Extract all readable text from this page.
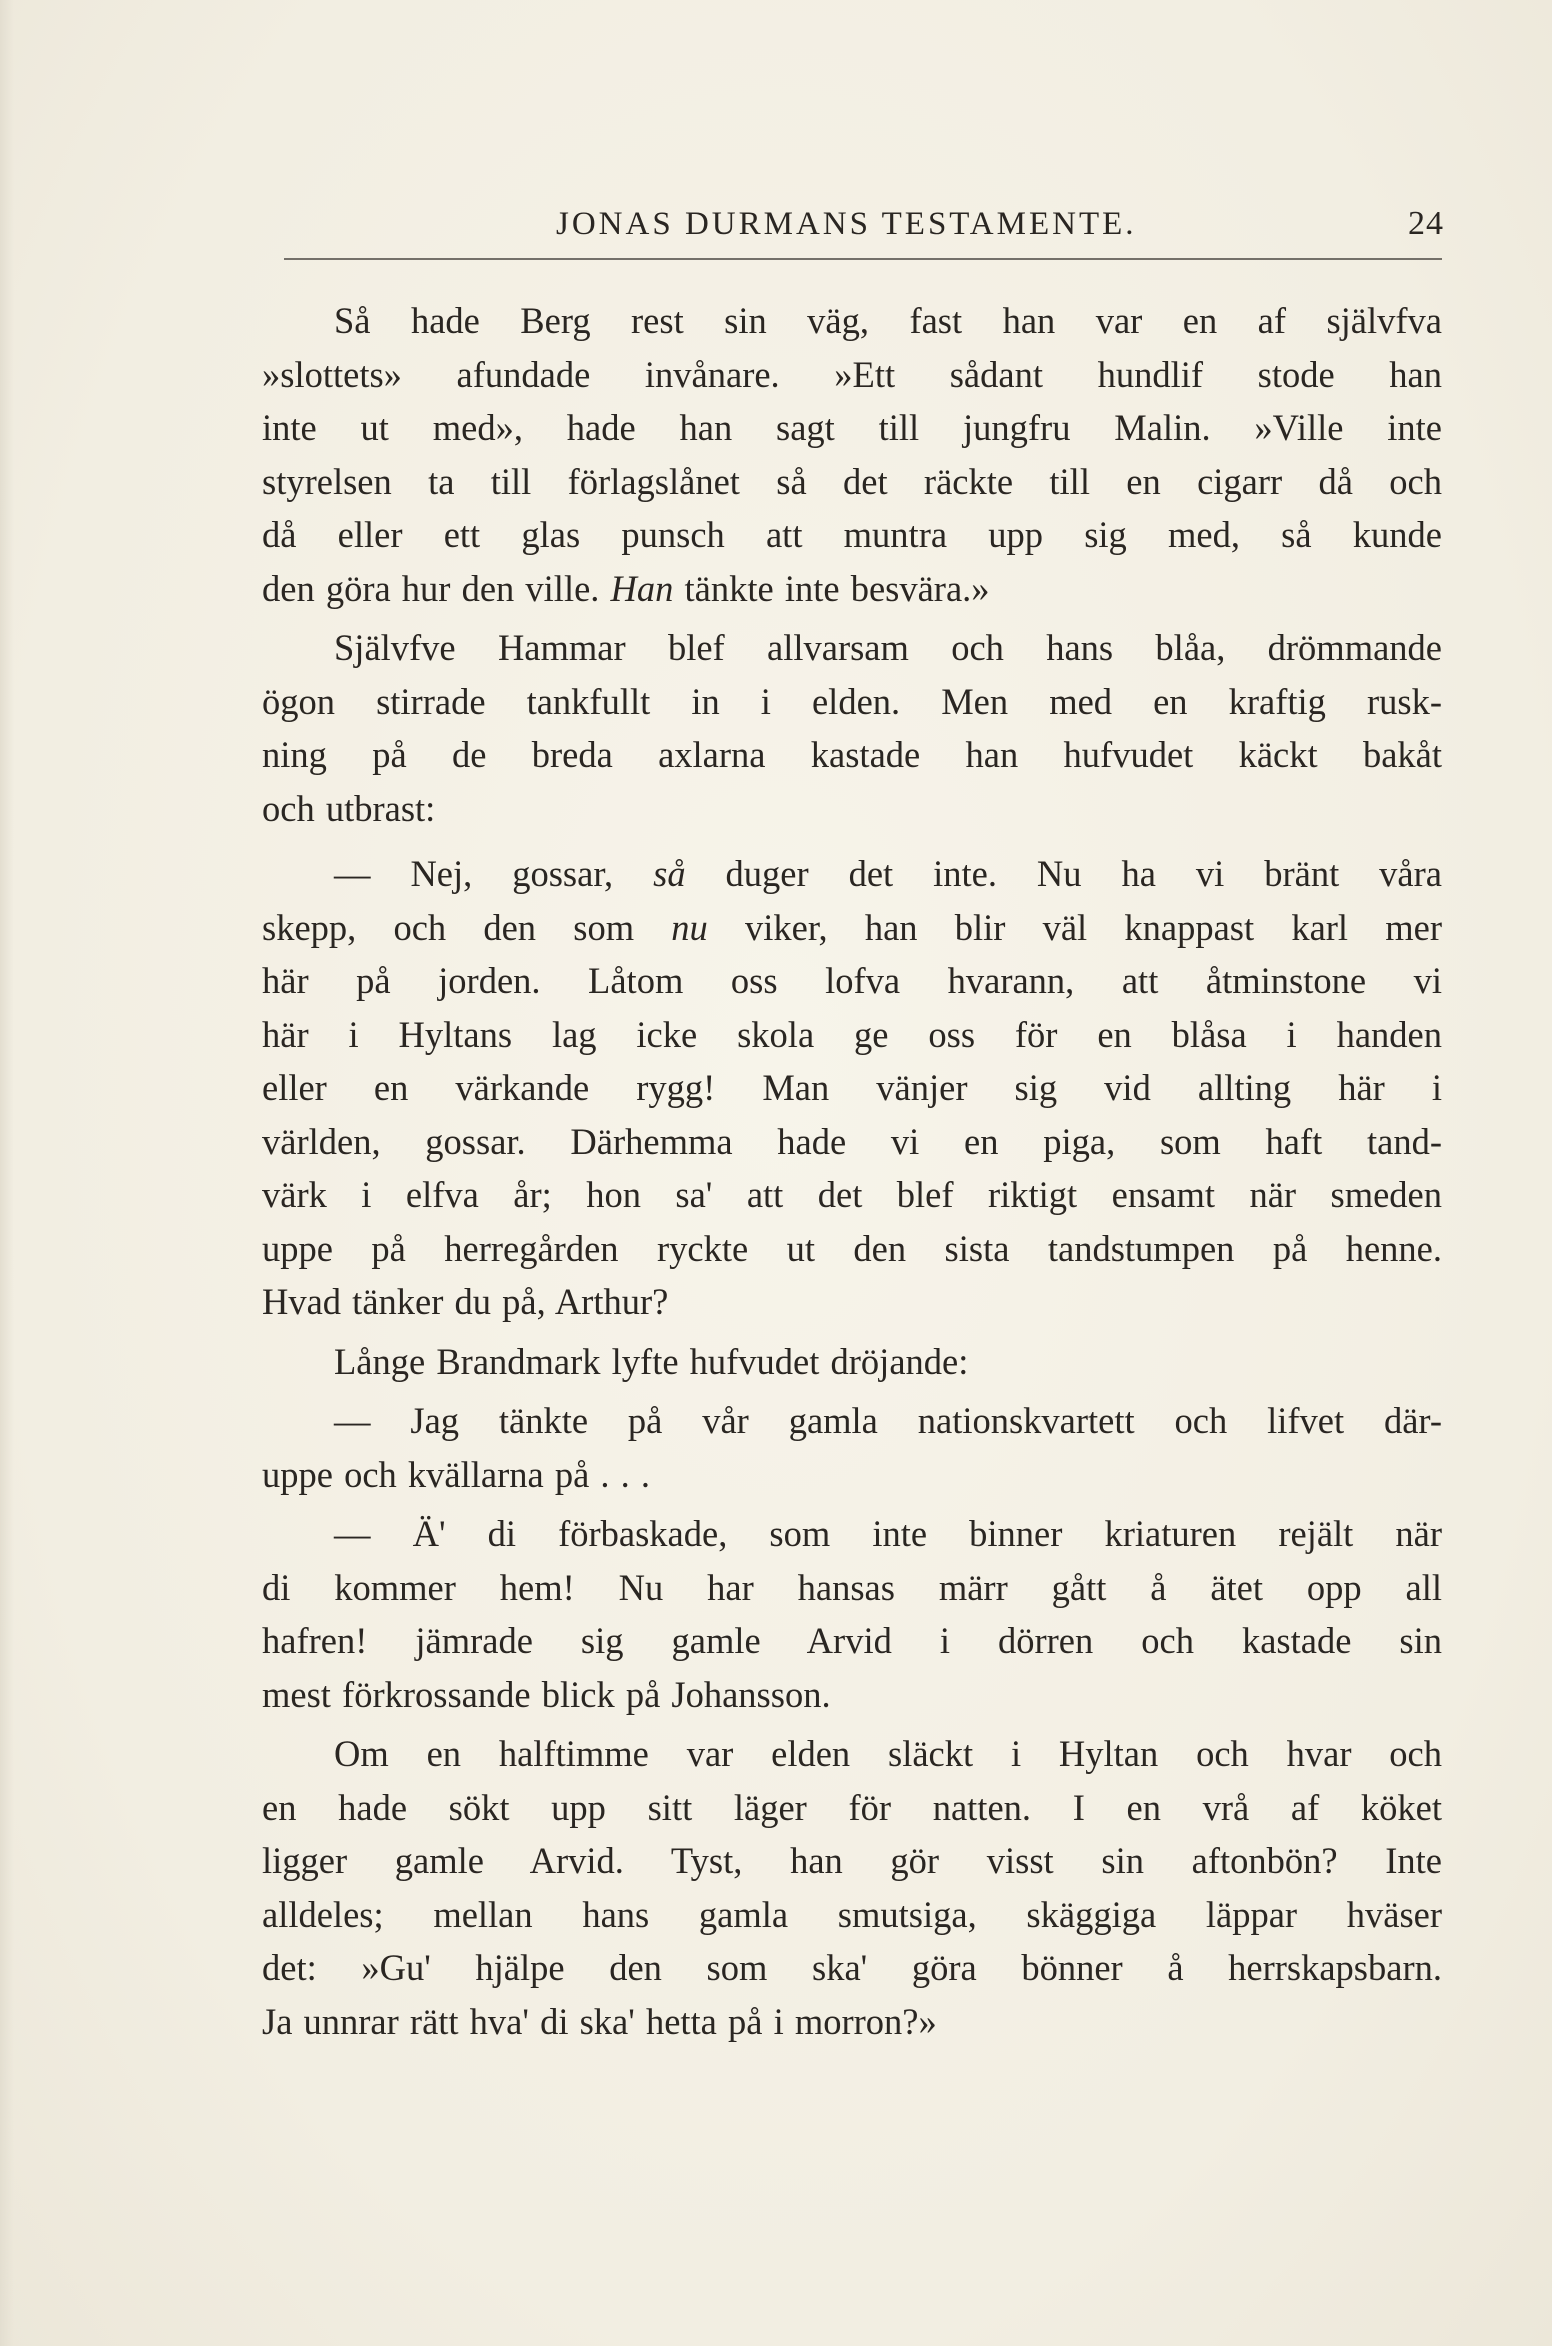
JONAS DURMANS TESTAMENTE.	24

Så hade Berg rest sin väg, fast han var en af självfva
»slottets» afundade invånare. »Ett sådant hundlif stode han
inte ut med», hade han sagt till jungfru Malin. »Ville inte
styrelsen ta till förlagslånet så det räckte till en cigarr då och
då eller ett glas punsch att muntra upp sig med, så kunde
den göra hur den ville. Han tänkte inte besvära.»

Självfve Hammar blef allvarsam och hans blåa, drömmande
ögon stirrade tankfullt in i elden. Men med en kraftig rusk-
ning på de breda axlarna kastade han hufvudet käckt bakåt
och utbrast:

— Nej, gossar, så duger det inte. Nu ha vi bränt våra
skepp, och den som nu viker, han blir väl knappast karl mer
här på jorden. Låtom oss lofva hvarann, att åtminstone vi
här i Hyltans lag icke skola ge oss för en blåsa i handen
eller en värkande rygg! Man vänjer sig vid allting här i
världen, gossar. Därhemma hade vi en piga, som haft tand-
värk i elfva år; hon sa' att det blef riktigt ensamt när smeden
uppe på herregården ryckte ut den sista tandstumpen på henne.
Hvad tänker du på, Arthur?

Långe Brandmark lyfte hufvudet dröjande:

— Jag tänkte på vår gamla nationskvartett och lifvet där-
uppe och kvällarna på . . .

— Ä' di förbaskade, som inte binner kriaturen rejält när
di kommer hem! Nu har hansas märr gått å ätet opp all
hafren! jämrade sig gamle Arvid i dörren och kastade sin
mest förkrossande blick på Johansson.

Om en halftimme var elden släckt i Hyltan och hvar och
en hade sökt upp sitt läger för natten. I en vrå af köket
ligger gamle Arvid. Tyst, han gör visst sin aftonbön? Inte
alldeles; mellan hans gamla smutsiga, skäggiga läppar hväser
det: »Gu' hjälpe den som ska' göra bönner å herrskapsbarn.
Ja unnrar rätt hva' di ska' hetta på i morron?»
